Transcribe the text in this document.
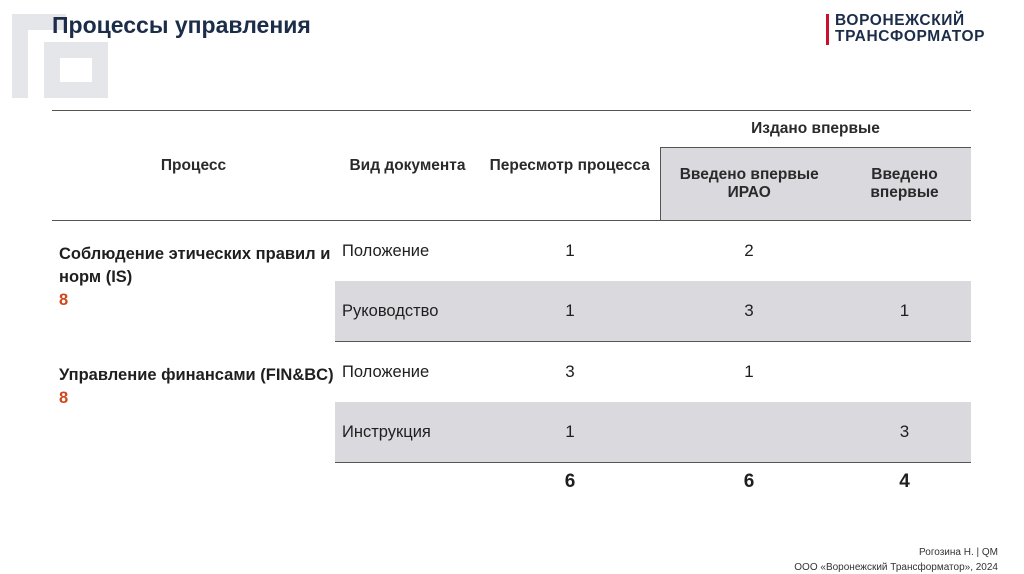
Процессы управления	ВОРОНЕЖСКИЙ
ТРАНСФОРМАТОР
Процесс	Вид документа	Пересмотр процесса	Издано впервые	
			Введено впервые ИРАО	Введено впервые
Соблюдение этических правил и норм (IS)
8	Положение	1	2	
	Руководство	1	3	1
Управление финансами (FIN&BC)
8	Положение	3	1	
	Инструкция	1		3
		6	6	4
Рогозина Н. | QM
ООО «Воронежский Трансформатор», 2024
